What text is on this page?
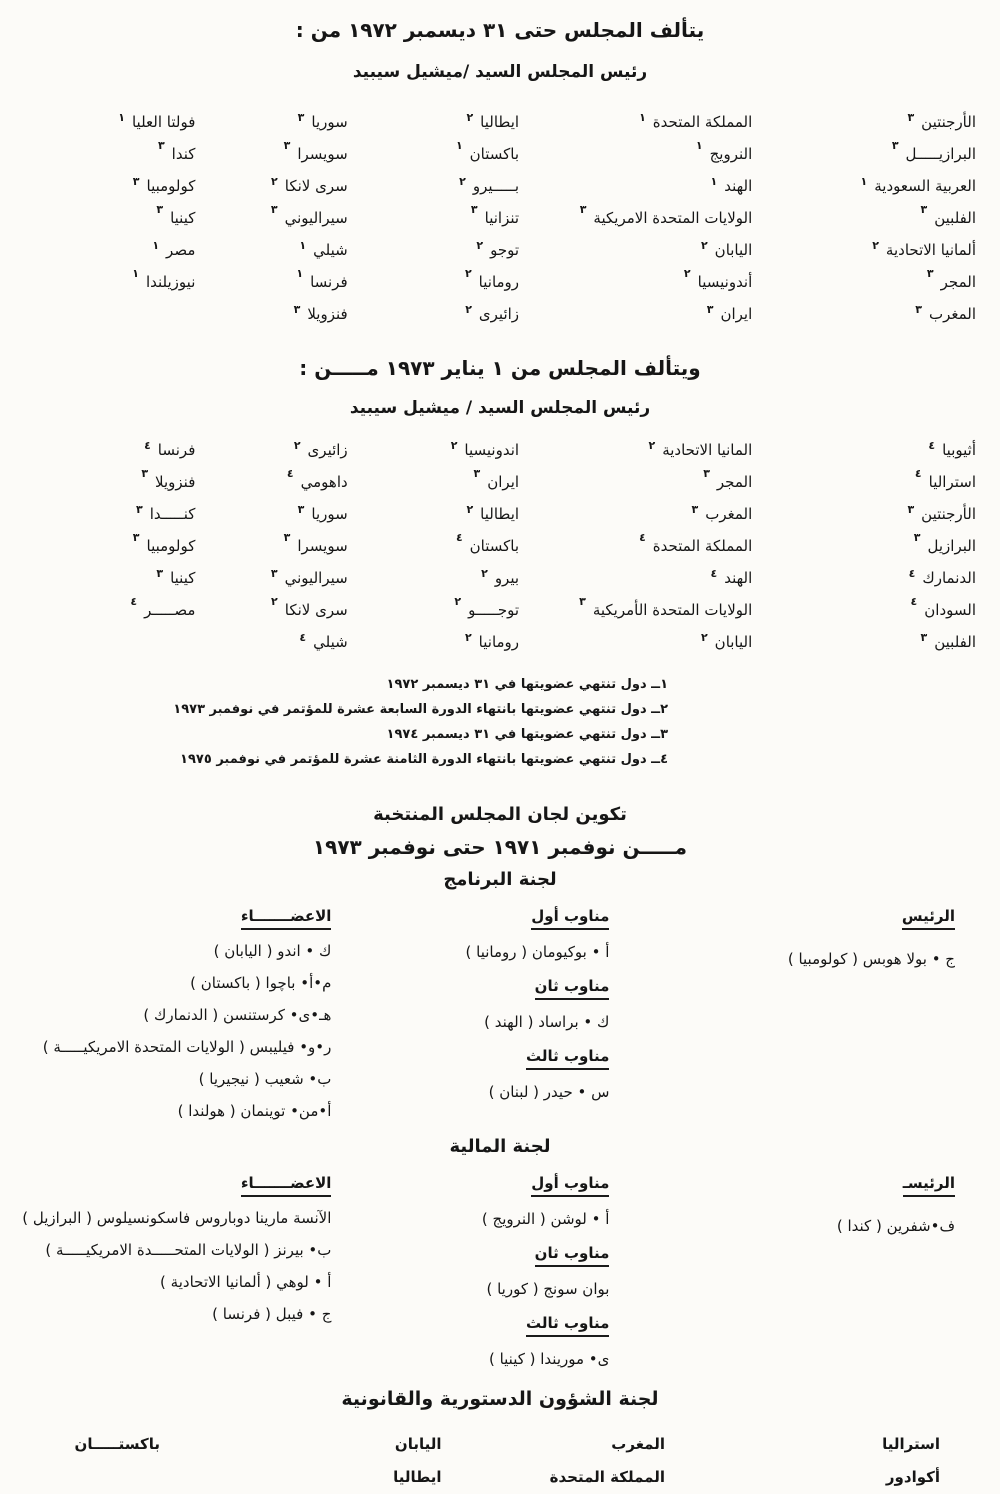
يتألف المجلس حتى ٣١ ديسمبر ١٩٧٢ من :
رئيس المجلس السيد /ميشيل سيبيد
الأرجنتين$^٣$
البرازيـــــل$^٣$
العربية السعودية$^١$
الفلبين$^٣$
ألمانيا الاتحادية$^٢$
المجر$^٣$
المغرب$^٣$
المملكة المتحدة$^١$
النرويج$^١$
الهند$^١$
الولايات المتحدة الامريكية$^٣$
اليابان$^٢$
أندونيسيا$^٢$
ايران$^٣$
ايطاليا$^٢$
باكستان$^١$
بـــــيرو$^٢$
تنزانيا$^٣$
توجو$^٢$
رومانيا$^٢$
زائيرى$^٢$
سوريا$^٣$
سويسرا$^٣$
سرى لانكا$^٢$
سيراليوني$^٣$
شيلي$^١$
فرنسا$^١$
فنزويلا$^٣$
فولتا العليا$^١$
كندا$^٣$
كولومبيا$^٣$
كينيا$^٣$
مصر$^١$
نيوزيلندا$^١$
ويتألف المجلس من ١ يناير ١٩٧٣ مـــــن :
رئيس المجلس السيد / ميشيل سيبيد
أثيوبيا$^٤$
استراليا$^٤$
الأرجنتين$^٣$
البرازيل$^٣$
الدنمارك$^٤$
السودان$^٤$
الفلبين$^٣$
المانيا الاتحادية$^٢$
المجر$^٣$
المغرب$^٣$
المملكة المتحدة$^٤$
الهند$^٤$
الولايات المتحدة الأمريكية$^٣$
اليابان$^٢$
اندونيسيا$^٢$
ايران$^٣$
ايطاليا$^٢$
باكستان$^٤$
بيرو$^٢$
توجـــــو$^٢$
رومانيا$^٢$
زائيرى$^٢$
داهومي$^٤$
سوريا$^٣$
سويسرا$^٣$
سيراليوني$^٣$
سرى لانكا$^٢$
شيلي$^٤$
فرنسا$^٤$
فنزويلا$^٣$
كنـــــدا$^٣$
كولومبيا$^٣$
كينيا$^٣$
مصـــــر$^٤$
١ــ دول تنتهي عضويتها في ٣١ ديسمبر ١٩٧٢
٢ــ دول تنتهي عضويتها بانتهاء الدورة السابعة عشرة للمؤتمر في نوفمبر ١٩٧٣
٣ــ دول تنتهي عضويتها في ٣١ ديسمبر ١٩٧٤
٤ــ دول تنتهي عضويتها بانتهاء الدورة الثامنة عشرة للمؤتمر في نوفمبر ١٩٧٥
تكوين لجان المجلس المنتخبة
مـــــن نوفمبر ١٩٧١ حتى نوفمبر ١٩٧٣
لجنة البرنامج
الرئيس
ج • بولا هوبس ( كولومبيا )
مناوب أول
أ • بوكيومان ( رومانيا )
مناوب ثان
ك • براساد ( الهند )
مناوب ثالث
س • حيدر ( لبنان )
الاعضـــــــاء
ك • اندو ( اليابان )
م•أ• باچوا ( باكستان )
هـ•ى• كرستنسن ( الدنمارك )
ر•و• فيليبس ( الولايات المتحدة الامريكيـــــة )
ب• شعيب ( نيجيريا )
أ•من• توينمان ( هولندا )
لجنة المالية
الرئيسـ
ف•شفرين ( كندا )
مناوب أول
أ • لوشن ( النرويج )
مناوب ثان
بوان سونج ( كوريا )
مناوب ثالث
ى• موريندا ( كينيا )
الاعضـــــــاء
الآنسة مارينا دوباروس فاسكونسيلوس ( البرازيل )
ب• بيرنز ( الولايات المتحـــــدة الامريكيـــــة )
أ • لوهي ( ألمانيا الاتحادية )
ج • فيبل ( فرنسا )
لجنة الشؤون الدستورية والقانونية
استراليا
أكوادور
المغرب
المملكة المتحدة
اليابان
ايطاليا
باكستـــــان
